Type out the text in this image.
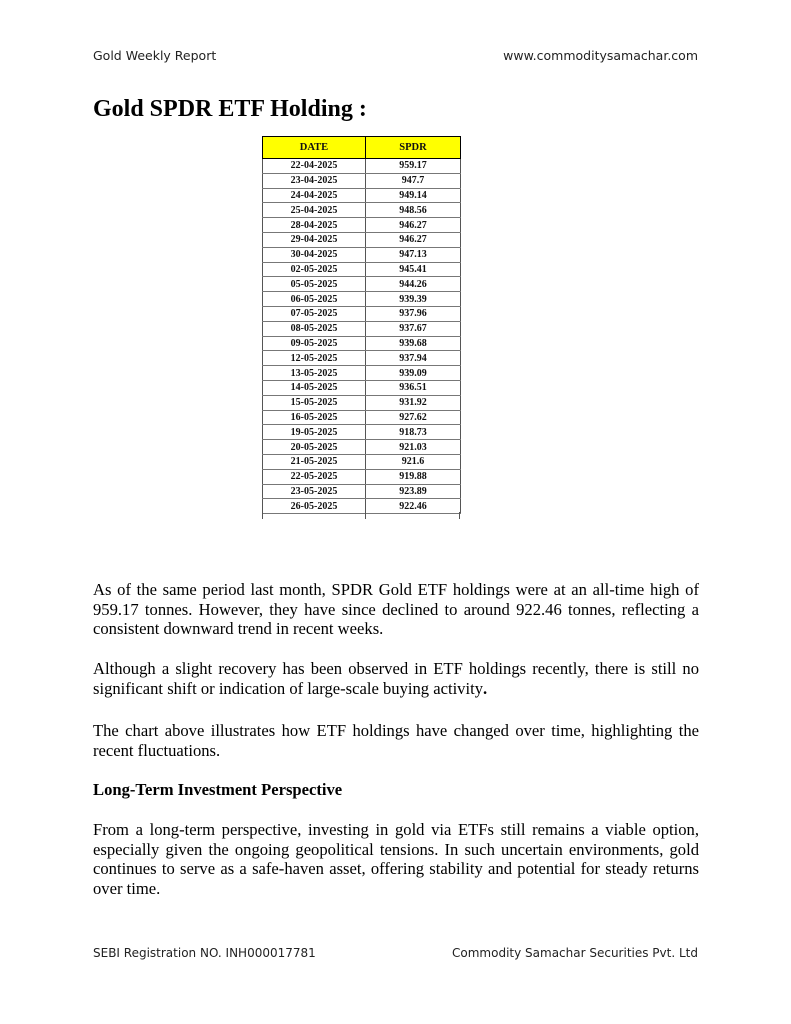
Gold Weekly Report	www.commoditysamachar.com
Gold SPDR ETF Holding :
DATE	SPDR
22-04-2025	959.17
23-04-2025	947.7
24-04-2025	949.14
25-04-2025	948.56
28-04-2025	946.27
29-04-2025	946.27
30-04-2025	947.13
02-05-2025	945.41
05-05-2025	944.26
06-05-2025	939.39
07-05-2025	937.96
08-05-2025	937.67
09-05-2025	939.68
12-05-2025	937.94
13-05-2025	939.09
14-05-2025	936.51
15-05-2025	931.92
16-05-2025	927.62
19-05-2025	918.73
20-05-2025	921.03
21-05-2025	921.6
22-05-2025	919.88
23-05-2025	923.89
26-05-2025	922.46

As of the same period last month, SPDR Gold ETF holdings were at an all-time high of 959.17 tonnes. However, they have since declined to around 922.46 tonnes, reflecting a consistent downward trend in recent weeks.

Although a slight recovery has been observed in ETF holdings recently, there is still no significant shift or indication of large-scale buying activity.

The chart above illustrates how ETF holdings have changed over time, highlighting the recent fluctuations.

Long-Term Investment Perspective

From a long-term perspective, investing in gold via ETFs still remains a viable option, especially given the ongoing geopolitical tensions. In such uncertain environments, gold continues to serve as a safe-haven asset, offering stability and potential for steady returns over time.

SEBI Registration NO. INH000017781	Commodity Samachar Securities Pvt. Ltd
